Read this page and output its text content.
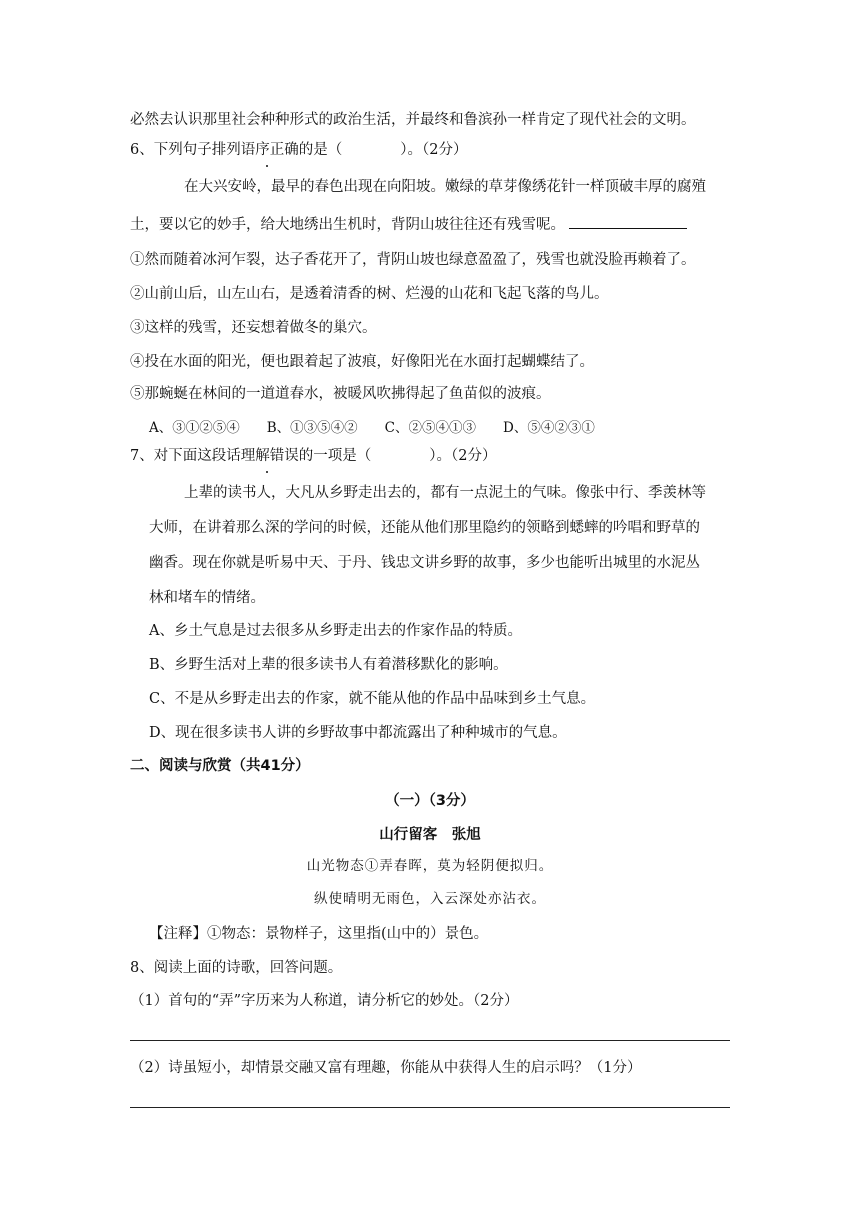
必然去认识那里社会种种形式的政治生活，并最终和鲁滨孙一样肯定了现代社会的文明。
6、下列句子排列语序正确的是（　　　　）。（2分）
在大兴安岭，最早的春色出现在向阳坡。嫩绿的草芽像绣花针一样顶破丰厚的腐殖
土，要以它的妙手，给大地绣出生机时，背阴山坡往往还有残雪呢。
①然而随着冰河乍裂，达子香花开了，背阴山坡也绿意盈盈了，残雪也就没脸再赖着了。
②山前山后，山左山右，是透着清香的树、烂漫的山花和飞起飞落的鸟儿。
③这样的残雪，还妄想着做冬的巢穴。
④投在水面的阳光，便也跟着起了波痕，好像阳光在水面打起蝴蝶结了。
⑤那蜿蜒在林间的一道道春水，被暖风吹拂得起了鱼苗似的波痕。
A、③①②⑤④　　B、①③⑤④②　　C、②⑤④①③　　D、⑤④②③①
7、对下面这段话理解错误的一项是（　　　　）。（2分）
上辈的读书人，大凡从乡野走出去的，都有一点泥土的气味。像张中行、季羡林等
大师，在讲着那么深的学问的时候，还能从他们那里隐约的领略到蟋蟀的吟唱和野草的
幽香。现在你就是听易中天、于丹、钱忠文讲乡野的故事，多少也能听出城里的水泥丛
林和堵车的情绪。
A、乡土气息是过去很多从乡野走出去的作家作品的特质。
B、乡野生活对上辈的很多读书人有着潜移默化的影响。
C、不是从乡野走出去的作家，就不能从他的作品中品味到乡土气息。
D、现在很多读书人讲的乡野故事中都流露出了种种城市的气息。
二、阅读与欣赏（共41分）
（一）（3分）
山行留客　张旭
山光物态①弄春晖，莫为轻阴便拟归。
纵使晴明无雨色，入云深处亦沾衣。
【注释】①物态：景物样子，这里指(山中的）景色。
8、阅读上面的诗歌，回答问题。
（1）首句的“弄”字历来为人称道，请分析它的妙处。（2分）
（2）诗虽短小，却情景交融又富有理趣，你能从中获得人生的启示吗？（1分）
